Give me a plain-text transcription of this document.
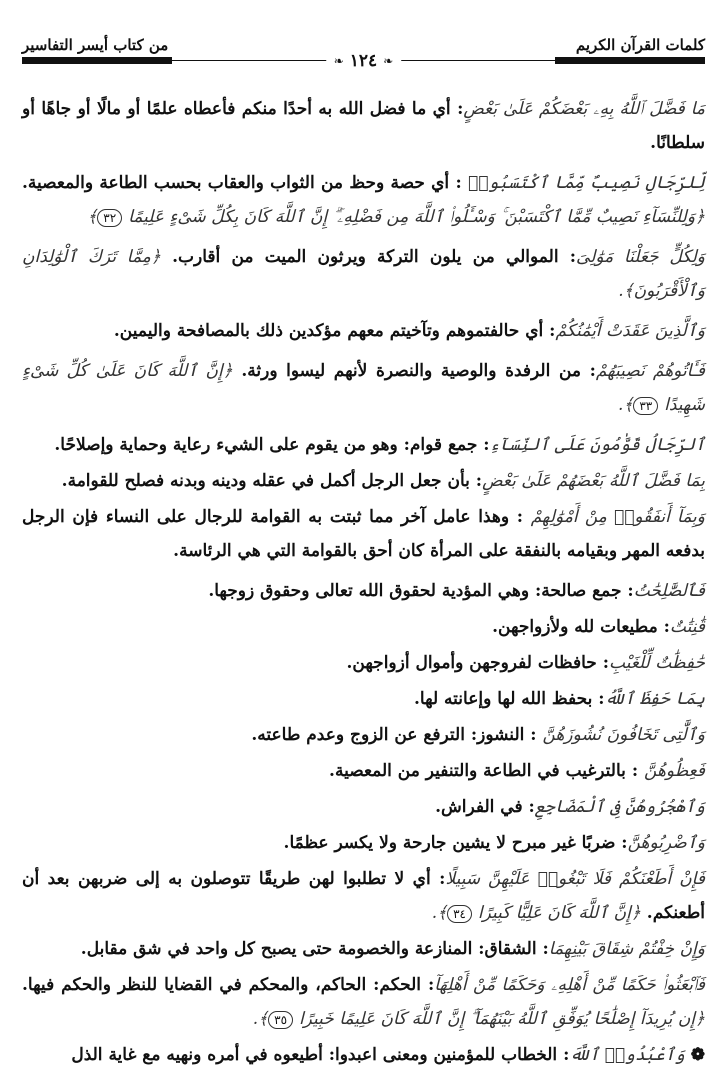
كلمات القرآن الكريم
من كتاب أيسر التفاسير
❧ ١٢٤ ❧

مَا فَضَّلَ ٱللَّهُ بِهِۦ بَعْضَكُمْ عَلَىٰ بَعْضٍ: أي ما فضل الله به أحدًا منكم فأعطاه علمًا أو مالًا أو جاهًا أو سلطانًا.

لِّلرِّجَالِ نَصِيبٌ مِّمَّا ٱكْتَسَبُوا۟ : أي حصة وحظ من الثواب والعقاب بحسب الطاعة والمعصية. ﴿وَلِلنِّسَآءِ نَصِيبٌ مِّمَّا ٱكْتَسَبْنَ ۚ وَسْـَٔلُوا۟ ٱللَّهَ مِن فَضْلِهِۦٓ ۗ إِنَّ ٱللَّهَ كَانَ بِكُلِّ شَىْءٍ عَلِيمًا ٣٢﴾

وَلِكُلٍّ جَعَلْنَا مَوَٰلِىَ: الموالي من يلون التركة ويرثون الميت من أقارب. ﴿مِمَّا تَرَكَ ٱلْوَٰلِدَانِ وَٱلْأَقْرَبُونَ﴾.

وَٱلَّذِينَ عَقَدَتْ أَيْمَٰنُكُمْ: أي حالفتموهم وتآخيتم معهم مؤكدين ذلك بالمصافحة واليمين.

فَـَٔاتُوهُمْ نَصِيبَهُمْ: من الرفدة والوصية والنصرة لأنهم ليسوا ورثة. ﴿إِنَّ ٱللَّهَ كَانَ عَلَىٰ كُلِّ شَىْءٍ شَهِيدًا ٣٣﴾.

ٱلرِّجَالُ قَوَّٰمُونَ عَلَى ٱلنِّسَآءِ: جمع قوام: وهو من يقوم على الشيء رعاية وحماية وإصلاحًا.

بِمَا فَضَّلَ ٱللَّهُ بَعْضَهُمْ عَلَىٰ بَعْضٍ: بأن جعل الرجل أكمل في عقله ودينه وبدنه فصلح للقوامة.

وَبِمَآ أَنفَقُوا۟ مِنْ أَمْوَٰلِهِمْ : وهذا عامل آخر مما ثبتت به القوامة للرجال على النساء فإن الرجل بدفعه المهر وبقيامه بالنفقة على المرأة كان أحق بالقوامة التي هي الرئاسة.

فَٱلصَّٰلِحَٰتُ: جمع صالحة: وهي المؤدية لحقوق الله تعالى وحقوق زوجها.

قَٰنِتَٰتٌ: مطيعات لله ولأزواجهن.

حَٰفِظَٰتٌ لِّلْغَيْبِ: حافظات لفروجهن وأموال أزواجهن.

بِمَا حَفِظَ ٱللَّهُ: بحفظ الله لها وإعانته لها.

وَٱلَّٰتِى تَخَافُونَ نُشُوزَهُنَّ : النشوز: الترفع عن الزوج وعدم طاعته.

فَعِظُوهُنَّ : بالترغيب في الطاعة والتنفير من المعصية.

وَٱهْجُرُوهُنَّ فِى ٱلْمَضَاجِعِ: في الفراش.

وَٱضْرِبُوهُنَّ: ضربًا غير مبرح لا يشين جارحة ولا يكسر عظمًا.

فَإِنْ أَطَعْنَكُمْ فَلَا تَبْغُوا۟ عَلَيْهِنَّ سَبِيلًا: أي لا تطلبوا لهن طريقًا تتوصلون به إلى ضربهن بعد أن أطعنكم. ﴿إِنَّ ٱللَّهَ كَانَ عَلِيًّا كَبِيرًا ٣٤﴾.

وَإِنْ خِفْتُمْ شِقَاقَ بَيْنِهِمَا: الشقاق: المنازعة والخصومة حتى يصبح كل واحد في شق مقابل.

فَٱبْعَثُوا۟ حَكَمًا مِّنْ أَهْلِهِۦ وَحَكَمًا مِّنْ أَهْلِهَآ: الحكم: الحاكم، والمحكم في القضايا للنظر والحكم فيها. ﴿إِن يُرِيدَآ إِصْلَٰحًا يُوَفِّقِ ٱللَّهُ بَيْنَهُمَآ ۗ إِنَّ ٱللَّهَ كَانَ عَلِيمًا خَبِيرًا ٣٥﴾.

❁ وَٱعْبُدُوا۟ ٱللَّهَ: الخطاب للمؤمنين ومعنى اعبدوا: أطيعوه في أمره ونهيه مع غاية الذل
